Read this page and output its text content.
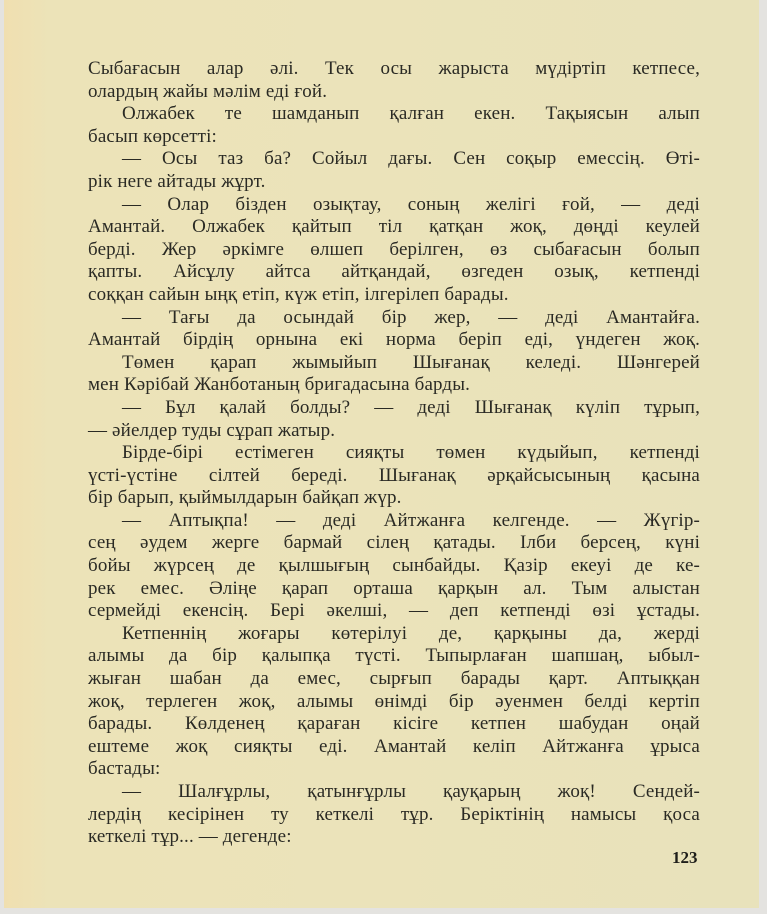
Сыбағасын алар әлі. Тек осы жарыста мүдіртіп кетпесе,
олардың жайы мәлім еді ғой.
Олжабек те шамданып қалған екен. Тақыясын алып
басып көрсетті:
— Осы таз ба? Сойыл дағы. Сен соқыр емессің. Өті-
рік неге айтады жұрт.
— Олар бізден озықтау, соның желігі ғой, — деді
Амантай. Олжабек қайтып тіл қатқан жоқ, дөңді кеулей
берді. Жер әркімге өлшеп берілген, өз сыбағасын болып
қапты. Айсұлу айтса айтқандай, өзгеден озық, кетпенді
соққан сайын ыңқ етіп, күж етіп, ілгерілеп барады.
— Тағы да осындай бір жер, — деді Амантайға.
Амантай бірдің орнына екі норма беріп еді, үндеген жоқ.
Төмен қарап жымыйып Шығанақ келеді. Шәнгерей
мен Кәрібай Жанботаның бригадасына барды.
— Бұл қалай болды? — деді Шығанақ күліп тұрып,
— әйелдер туды сұрап жатыр.
Бірде-бірі естімеген сияқты төмен күдыйып, кетпенді
үсті-үстіне сілтей береді. Шығанақ әрқайсысының қасына
бір барып, қыймылдарын байқап жүр.
— Аптықпа! — деді Айтжанға келгенде. — Жүгір-
сең әудем жерге бармай сілең қатады. Ілби берсең, күні
бойы жүрсең де қылшығың сынбайды. Қазір екеуі де ке-
рек емес. Әліңе қарап орташа қарқын ал. Тым алыстан
сермейді екенсің. Бері әкелші, — деп кетпенді өзі ұстады.
Кетпеннің жоғары көтерілуі де, қарқыны да, жерді
алымы да бір қалыпқа түсті. Тыпырлаған шапшаң, ыбыл-
жыған шабан да емес, сырғып барады қарт. Аптыққан
жоқ, терлеген жоқ, алымы өнімді бір әуенмен белді кертіп
барады. Көлденең қараған кісіге кетпен шабудан оңай
ештеме жоқ сияқты еді. Амантай келіп Айтжанға ұрыса
бастады:
— Шалғұрлы, қатынғұрлы қауқарың жоқ! Сендей-
лердің кесірінен ту кеткелі тұр. Беріктінің намысы қоса
кеткелі тұр... — дегенде:
123
